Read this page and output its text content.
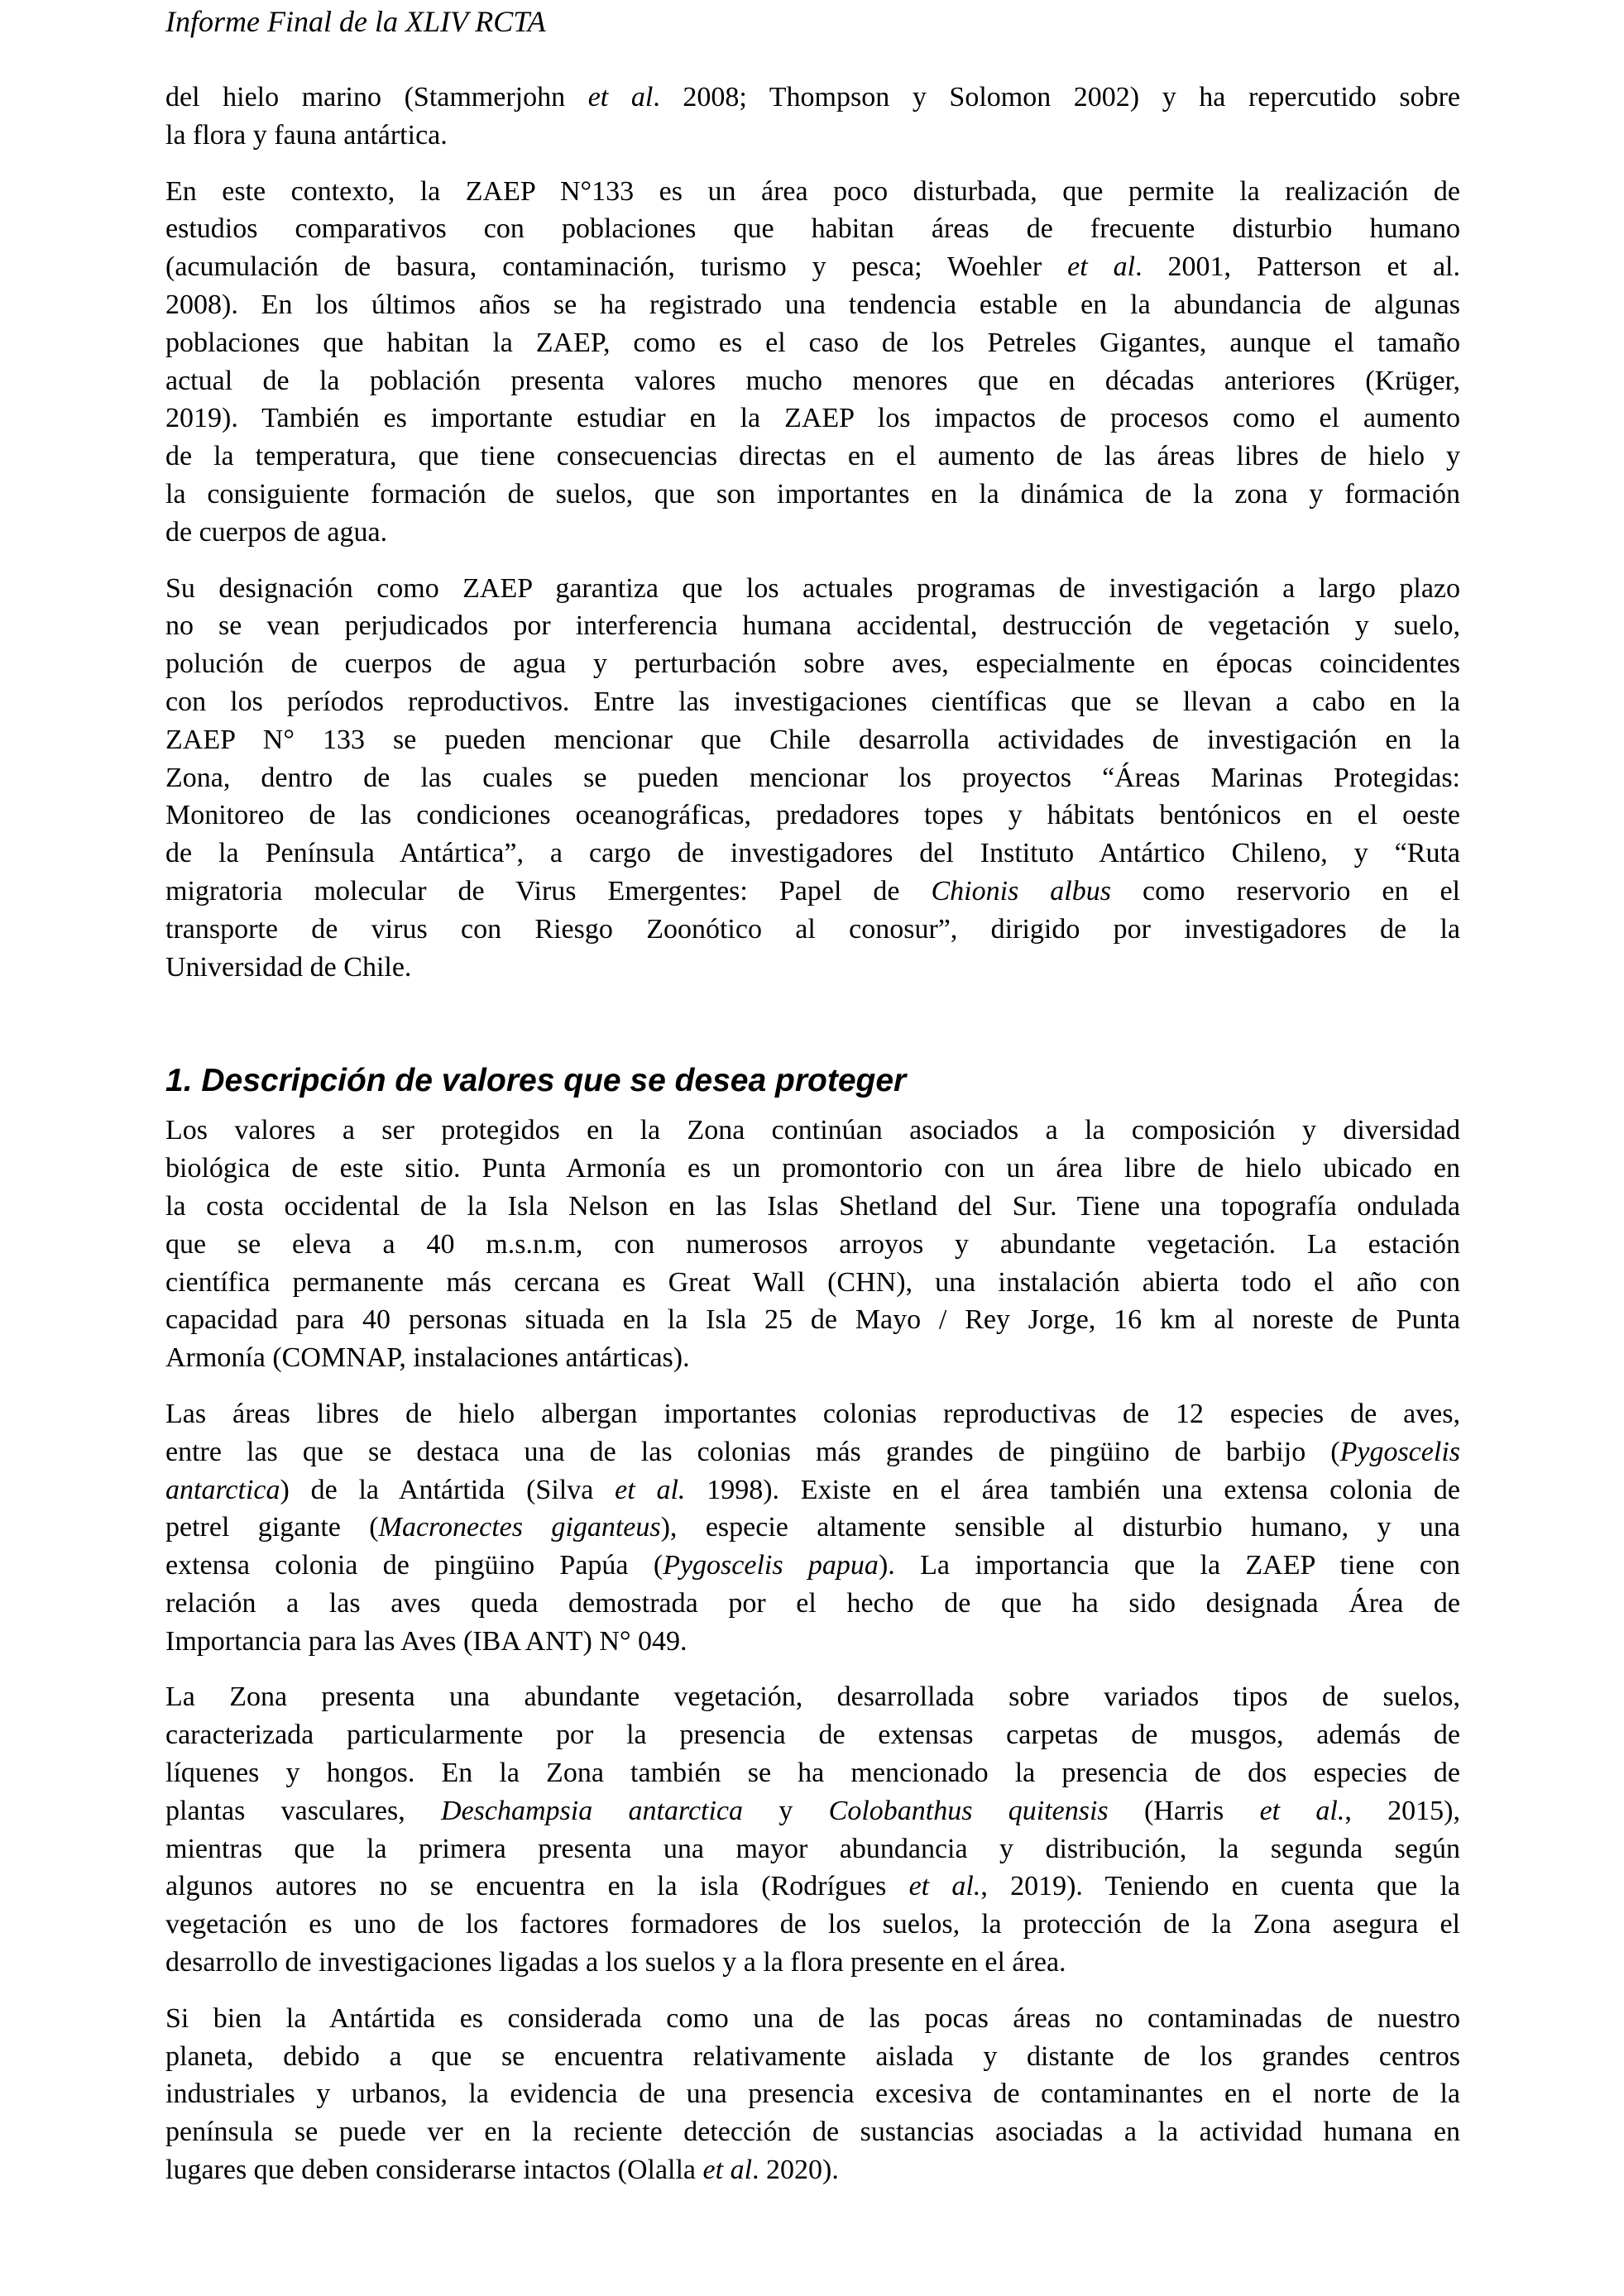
Informe Final de la XLIV RCTA

del hielo marino (Stammerjohn et al. 2008; Thompson y Solomon 2002) y ha repercutido sobre
la flora y fauna antártica.

En este contexto, la ZAEP N°133 es un área poco disturbada, que permite la realización de
estudios comparativos con poblaciones que habitan áreas de frecuente disturbio humano
(acumulación de basura, contaminación, turismo y pesca; Woehler et al. 2001, Patterson et al.
2008). En los últimos años se ha registrado una tendencia estable en la abundancia de algunas
poblaciones que habitan la ZAEP, como es el caso de los Petreles Gigantes, aunque el tamaño
actual de la población presenta valores mucho menores que en décadas anteriores (Krüger,
2019). También es importante estudiar en la ZAEP los impactos de procesos como el aumento
de la temperatura, que tiene consecuencias directas en el aumento de las áreas libres de hielo y
la consiguiente formación de suelos, que son importantes en la dinámica de la zona y formación
de cuerpos de agua.

Su designación como ZAEP garantiza que los actuales programas de investigación a largo plazo
no se vean perjudicados por interferencia humana accidental, destrucción de vegetación y suelo,
polución de cuerpos de agua y perturbación sobre aves, especialmente en épocas coincidentes
con los períodos reproductivos. Entre las investigaciones científicas que se llevan a cabo en la
ZAEP N° 133 se pueden mencionar que Chile desarrolla actividades de investigación en la
Zona, dentro de las cuales se pueden mencionar los proyectos “Áreas Marinas Protegidas:
Monitoreo de las condiciones oceanográficas, predadores topes y hábitats bentónicos en el oeste
de la Península Antártica”, a cargo de investigadores del Instituto Antártico Chileno, y “Ruta
migratoria molecular de Virus Emergentes: Papel de Chionis albus como reservorio en el
transporte de virus con Riesgo Zoonótico al conosur”, dirigido por investigadores de la
Universidad de Chile.

1. Descripción de valores que se desea proteger

Los valores a ser protegidos en la Zona continúan asociados a la composición y diversidad
biológica de este sitio. Punta Armonía es un promontorio con un área libre de hielo ubicado en
la costa occidental de la Isla Nelson en las Islas Shetland del Sur. Tiene una topografía ondulada
que se eleva a 40 m.s.n.m, con numerosos arroyos y abundante vegetación. La estación
científica permanente más cercana es Great Wall (CHN), una instalación abierta todo el año con
capacidad para 40 personas situada en la Isla 25 de Mayo / Rey Jorge, 16 km al noreste de Punta
Armonía (COMNAP, instalaciones antárticas).

Las áreas libres de hielo albergan importantes colonias reproductivas de 12 especies de aves,
entre las que se destaca una de las colonias más grandes de pingüino de barbijo (Pygoscelis
antarctica) de la Antártida (Silva et al. 1998). Existe en el área también una extensa colonia de
petrel gigante (Macronectes giganteus), especie altamente sensible al disturbio humano, y una
extensa colonia de pingüino Papúa (Pygoscelis papua). La importancia que la ZAEP tiene con
relación a las aves queda demostrada por el hecho de que ha sido designada Área de
Importancia para las Aves (IBA ANT) N° 049.

La Zona presenta una abundante vegetación, desarrollada sobre variados tipos de suelos,
caracterizada particularmente por la presencia de extensas carpetas de musgos, además de
líquenes y hongos. En la Zona también se ha mencionado la presencia de dos especies de
plantas vasculares, Deschampsia antarctica y Colobanthus quitensis (Harris et al., 2015),
mientras que la primera presenta una mayor abundancia y distribución, la segunda según
algunos autores no se encuentra en la isla (Rodrígues et al., 2019). Teniendo en cuenta que la
vegetación es uno de los factores formadores de los suelos, la protección de la Zona asegura el
desarrollo de investigaciones ligadas a los suelos y a la flora presente en el área.

Si bien la Antártida es considerada como una de las pocas áreas no contaminadas de nuestro
planeta, debido a que se encuentra relativamente aislada y distante de los grandes centros
industriales y urbanos, la evidencia de una presencia excesiva de contaminantes en el norte de la
península se puede ver en la reciente detección de sustancias asociadas a la actividad humana en
lugares que deben considerarse intactos (Olalla et al. 2020).
